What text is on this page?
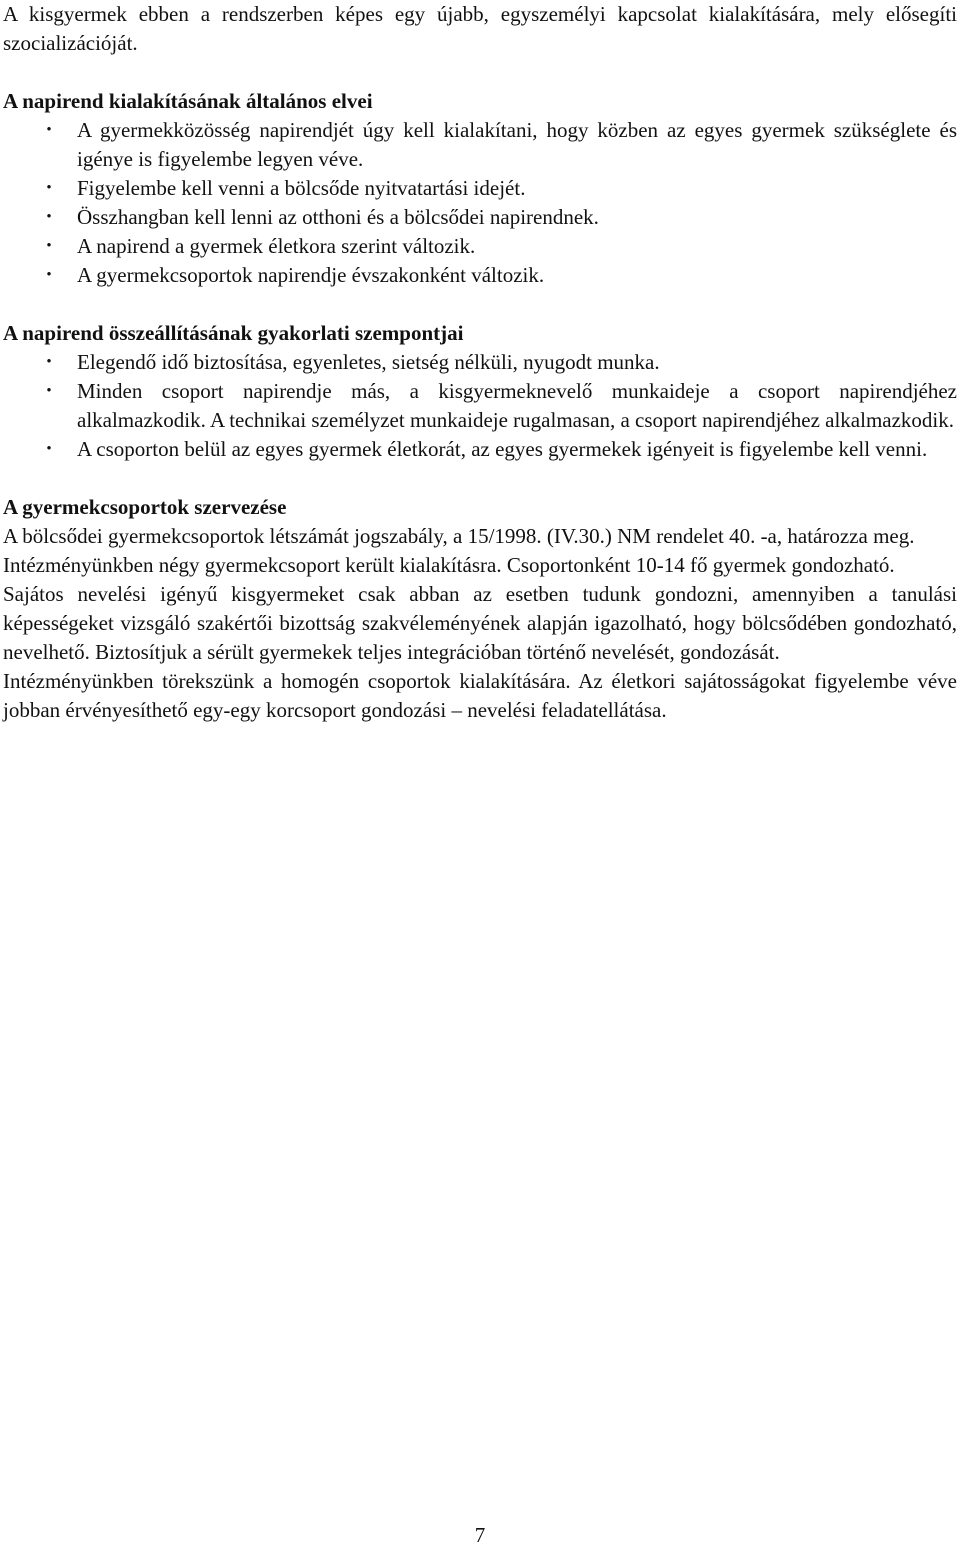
A kisgyermek ebben a rendszerben képes egy újabb, egyszemélyi kapcsolat kialakítására, mely elősegíti szocializációját.

A napirend kialakításának általános elvei

•	A gyermekközösség napirendjét úgy kell kialakítani, hogy közben az egyes gyermek szükséglete és igénye is figyelembe legyen véve.
•	Figyelembe kell venni a bölcsőde nyitvatartási idejét.
•	Összhangban kell lenni az otthoni és a bölcsődei napirendnek.
•	A napirend a gyermek életkora szerint változik.
•	A gyermekcsoportok napirendje évszakonként változik.

A napirend összeállításának gyakorlati szempontjai

•	Elegendő idő biztosítása, egyenletes, sietség nélküli, nyugodt munka.
•	Minden csoport napirendje más, a kisgyermeknevelő munkaideje a csoport napirendjéhez alkalmazkodik. A technikai személyzet munkaideje rugalmasan, a csoport napirendjéhez alkalmazkodik.
•	A csoporton belül az egyes gyermek életkorát, az egyes gyermekek igényeit is figyelembe kell venni.

A gyermekcsoportok szervezése

A bölcsődei gyermekcsoportok létszámát jogszabály, a 15/1998. (IV.30.) NM rendelet 40. -a, határozza meg.

Intézményünkben négy gyermekcsoport került kialakításra. Csoportonként 10-14 fő gyermek gondozható.

Sajátos nevelési igényű kisgyermeket csak abban az esetben tudunk gondozni, amennyiben a tanulási képességeket vizsgáló szakértői bizottság szakvéleményének alapján igazolható, hogy bölcsődében gondozható, nevelhető. Biztosítjuk a sérült gyermekek teljes integrációban történő nevelését, gondozását.

Intézményünkben törekszünk a homogén csoportok kialakítására. Az életkori sajátosságokat figyelembe véve jobban érvényesíthető egy-egy korcsoport gondozási – nevelési feladatellátása.

7
